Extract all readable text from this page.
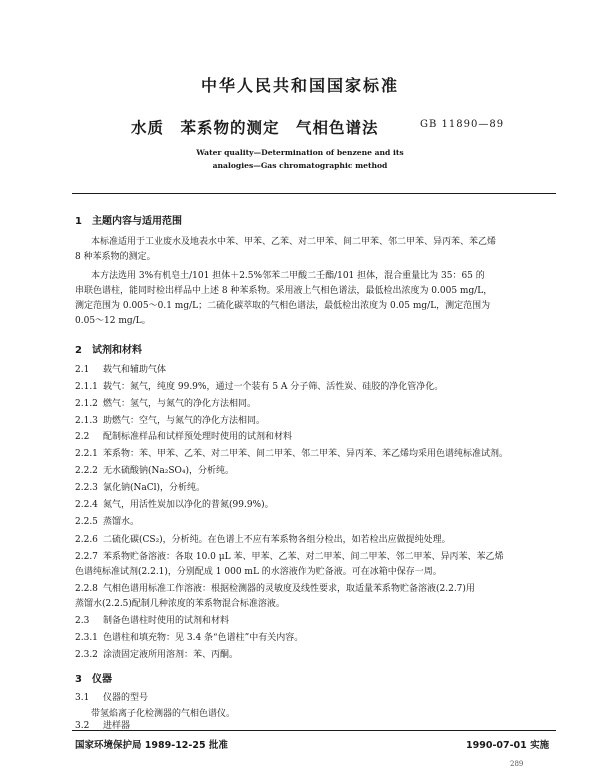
中华人民共和国国家标准
水质　苯系物的测定　气相色谱法	GB 11890—89
Water quality—Determination of benzene and its
analogies—Gas chromatographic method
1　主题内容与适用范围
本标准适用于工业废水及地表水中苯、甲苯、乙苯、对二甲苯、间二甲苯、邻二甲苯、异丙苯、苯乙烯
8 种苯系物的测定。
本方法选用 3%有机皂土/101 担体＋2.5%邻苯二甲酸二壬酯/101 担体，混合重量比为 35：65 的
串联色谱柱，能同时检出样品中上述 8 种苯系物。采用液上气相色谱法，最低检出浓度为 0.005 mg/L，
测定范围为 0.005～0.1 mg/L；二硫化碳萃取的气相色谱法，最低检出浓度为 0.05 mg/L，测定范围为
0.05～12 mg/L。
2　试剂和材料
2.1 载气和辅助气体
2.1.1 载气：氮气，纯度 99.9%，通过一个装有 5 A 分子筛、活性炭、硅胶的净化管净化。
2.1.2 燃气：氢气，与氮气的净化方法相同。
2.1.3 助燃气：空气，与氮气的净化方法相同。
2.2 配制标准样品和试样预处理时使用的试剂和材料
2.2.1 苯系物：苯、甲苯、乙苯、对二甲苯、间二甲苯、邻二甲苯、异丙苯、苯乙烯均采用色谱纯标准试剂。
2.2.2 无水硫酸钠(Na₂SO₄)，分析纯。
2.2.3 氯化钠(NaCl)，分析纯。
2.2.4 氮气，用活性炭加以净化的普氮(99.9%)。
2.2.5 蒸馏水。
2.2.6 二硫化碳(CS₂)，分析纯。在色谱上不应有苯系物各组分检出，如若检出应做提纯处理。
2.2.7 苯系物贮备溶液：各取 10.0 μL 苯、甲苯、乙苯、对二甲苯、间二甲苯、邻二甲苯、异丙苯、苯乙烯
色谱纯标准试剂(2.2.1)，分别配成 1 000 mL 的水溶液作为贮备液。可在冰箱中保存一周。
2.2.8 气相色谱用标准工作溶液：根据检测器的灵敏度及线性要求，取适量苯系物贮备溶液(2.2.7)用
蒸馏水(2.2.5)配制几种浓度的苯系物混合标准溶液。
2.3 制备色谱柱时使用的试剂和材料
2.3.1 色谱柱和填充物：见 3.4 条“色谱柱”中有关内容。
2.3.2 涂渍固定液所用溶剂：苯、丙酮。
3　仪器
3.1 仪器的型号
带氢焰离子化检测器的气相色谱仪。
3.2 进样器
国家环境保护局 1989-12-25 批准	1990-07-01 实施
289
